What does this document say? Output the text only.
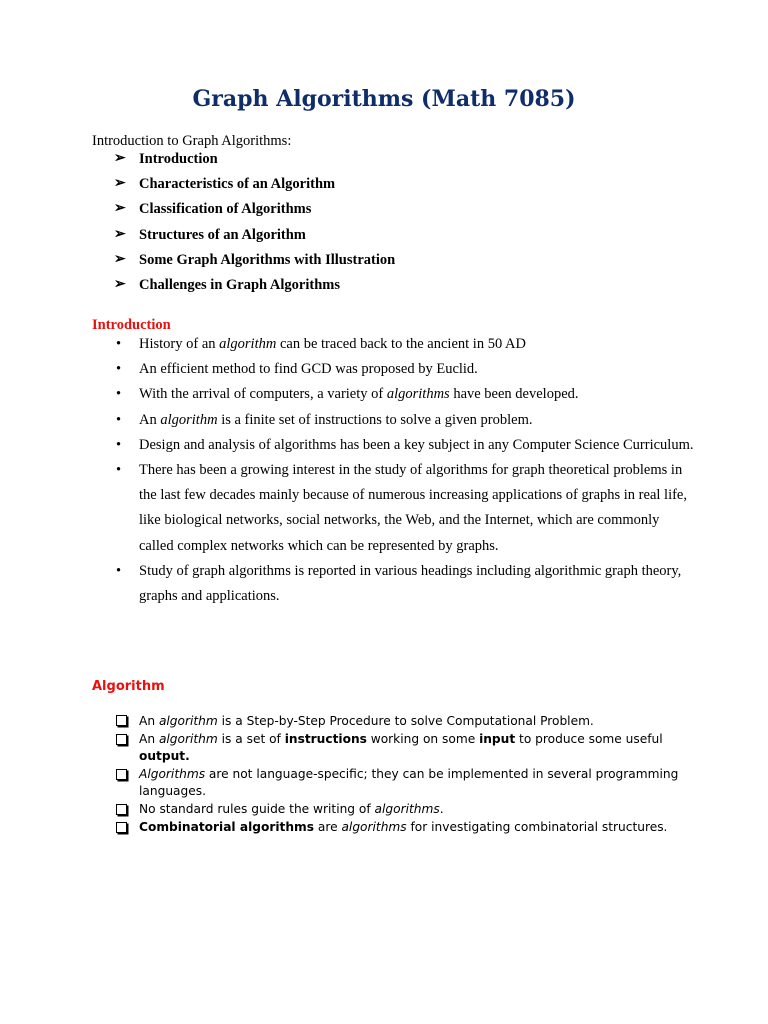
Graph Algorithms (Math 7085)
Introduction to Graph Algorithms:
➢ Introduction
➢ Characteristics of an Algorithm
➢ Classification of Algorithms
➢ Structures of an Algorithm
➢ Some Graph Algorithms with Illustration
➢ Challenges in Graph Algorithms
Introduction
• History of an algorithm can be traced back to the ancient in 50 AD
• An efficient method to find GCD was proposed by Euclid.
• With the arrival of computers, a variety of algorithms have been developed.
• An algorithm is a finite set of instructions to solve a given problem.
• Design and analysis of algorithms has been a key subject in any Computer Science Curriculum.
• There has been a growing interest in the study of algorithms for graph theoretical problems in the last few decades mainly because of numerous increasing applications of graphs in real life, like biological networks, social networks, the Web, and the Internet, which are commonly called complex networks which can be represented by graphs.
• Study of graph algorithms is reported in various headings including algorithmic graph theory, graphs and applications.
Algorithm
An algorithm is a Step-by-Step Procedure to solve Computational Problem.
An algorithm is a set of instructions working on some input to produce some useful output.
Algorithms are not language-specific; they can be implemented in several programming languages.
No standard rules guide the writing of algorithms.
Combinatorial algorithms are algorithms for investigating combinatorial structures.
